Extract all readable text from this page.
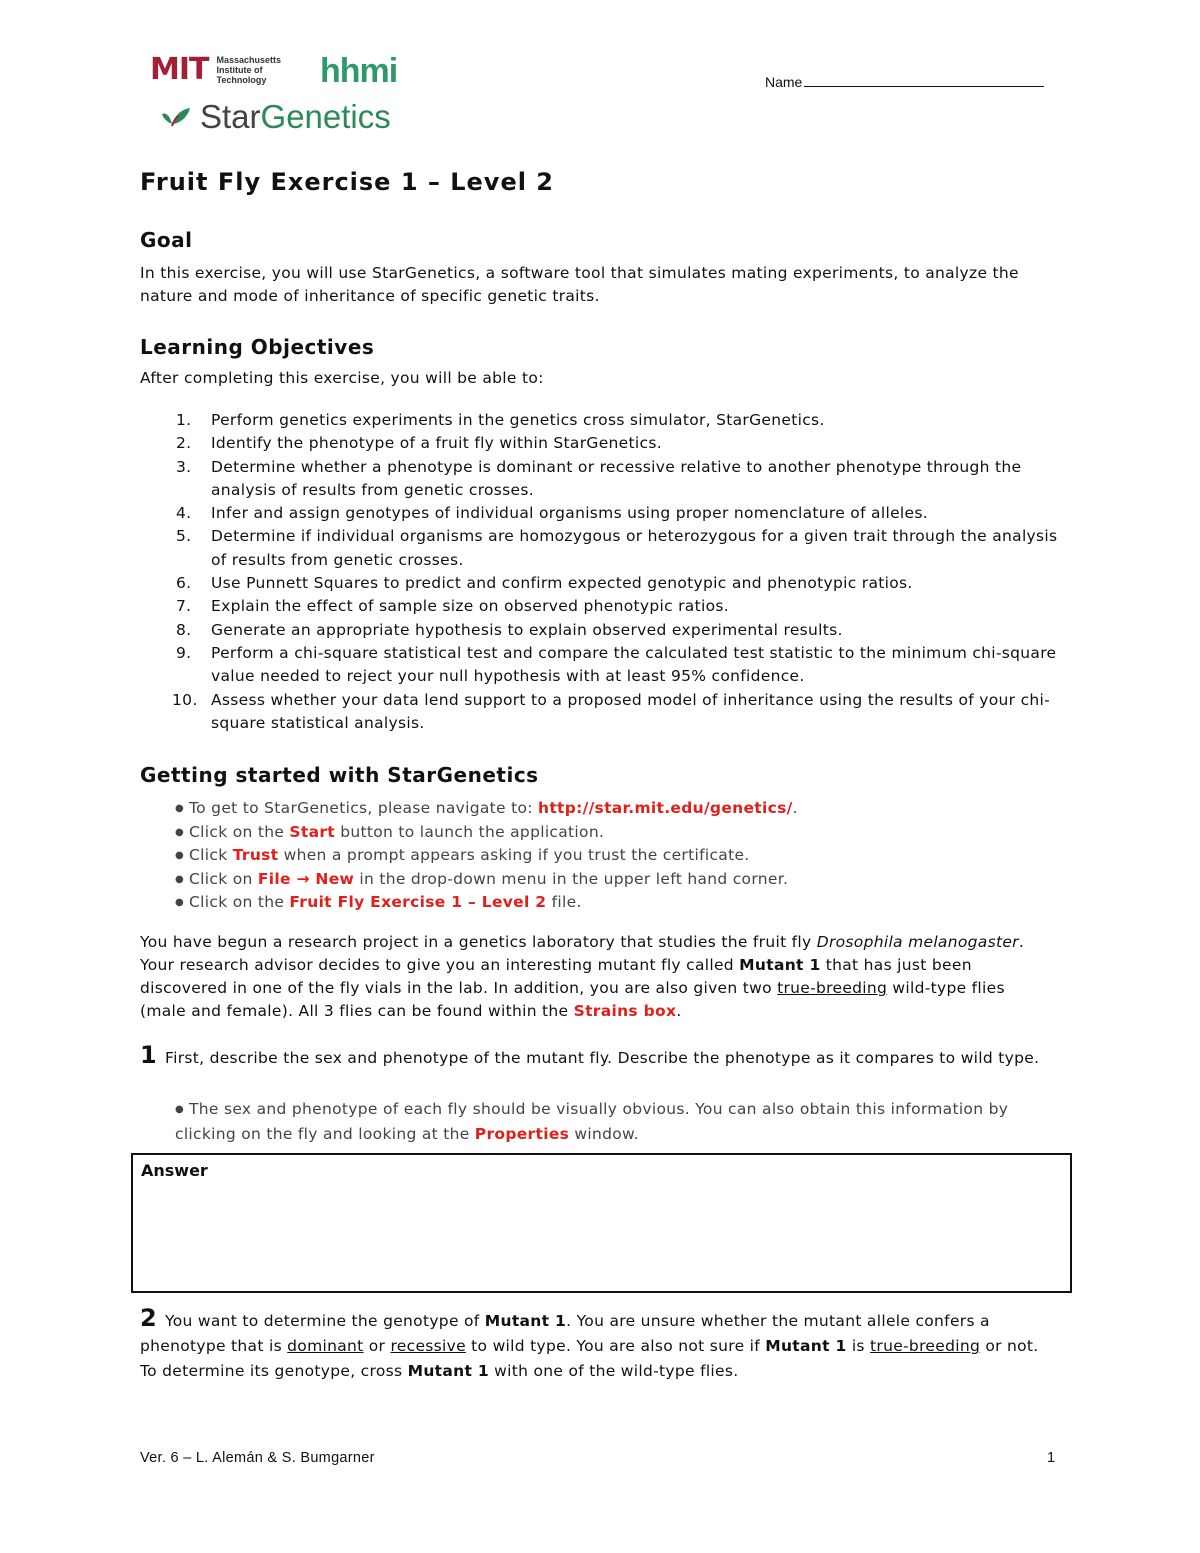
MIT Massachusetts
Institute of
Technology	hhmi
StarGenetics
Name
Fruit Fly Exercise 1 – Level 2
Goal

In this exercise, you will use StarGenetics, a software tool that simulates mating experiments, to analyze the nature and mode of inheritance of specific genetic traits.

Learning Objectives

After completing this exercise, you will be able to:

1. Perform genetics experiments in the genetics cross simulator, StarGenetics.
2. Identify the phenotype of a fruit fly within StarGenetics.
3. Determine whether a phenotype is dominant or recessive relative to another phenotype through the analysis of results from genetic crosses.
4. Infer and assign genotypes of individual organisms using proper nomenclature of alleles.
5. Determine if individual organisms are homozygous or heterozygous for a given trait through the analysis of results from genetic crosses.
6. Use Punnett Squares to predict and confirm expected genotypic and phenotypic ratios.
7. Explain the effect of sample size on observed phenotypic ratios.
8. Generate an appropriate hypothesis to explain observed experimental results.
9. Perform a chi-square statistical test and compare the calculated test statistic to the minimum chi-square value needed to reject your null hypothesis with at least 95% confidence.
10. Assess whether your data lend support to a proposed model of inheritance using the results of your chi-square statistical analysis.
Getting started with StarGenetics
● To get to StarGenetics, please navigate to: http://star.mit.edu/genetics/.
● Click on the Start button to launch the application.
● Click Trust when a prompt appears asking if you trust the certificate.
● Click on File → New in the drop-down menu in the upper left hand corner.
● Click on the Fruit Fly Exercise 1 – Level 2 file.

You have begun a research project in a genetics laboratory that studies the fruit fly Drosophila melanogaster. Your research advisor decides to give you an interesting mutant fly called Mutant 1 that has just been discovered in one of the fly vials in the lab. In addition, you are also given two true-breeding wild-type flies (male and female). All 3 flies can be found within the Strains box.

1 First, describe the sex and phenotype of the mutant fly. Describe the phenotype as it compares to wild type.

● The sex and phenotype of each fly should be visually obvious. You can also obtain this information by clicking on the fly and looking at the Properties window.
Answer

2 You want to determine the genotype of Mutant 1. You are unsure whether the mutant allele confers a phenotype that is dominant or recessive to wild type. You are also not sure if Mutant 1 is true-breeding or not. To determine its genotype, cross Mutant 1 with one of the wild-type flies.

Ver. 6 – L. Alemán & S. Bumgarner	1
